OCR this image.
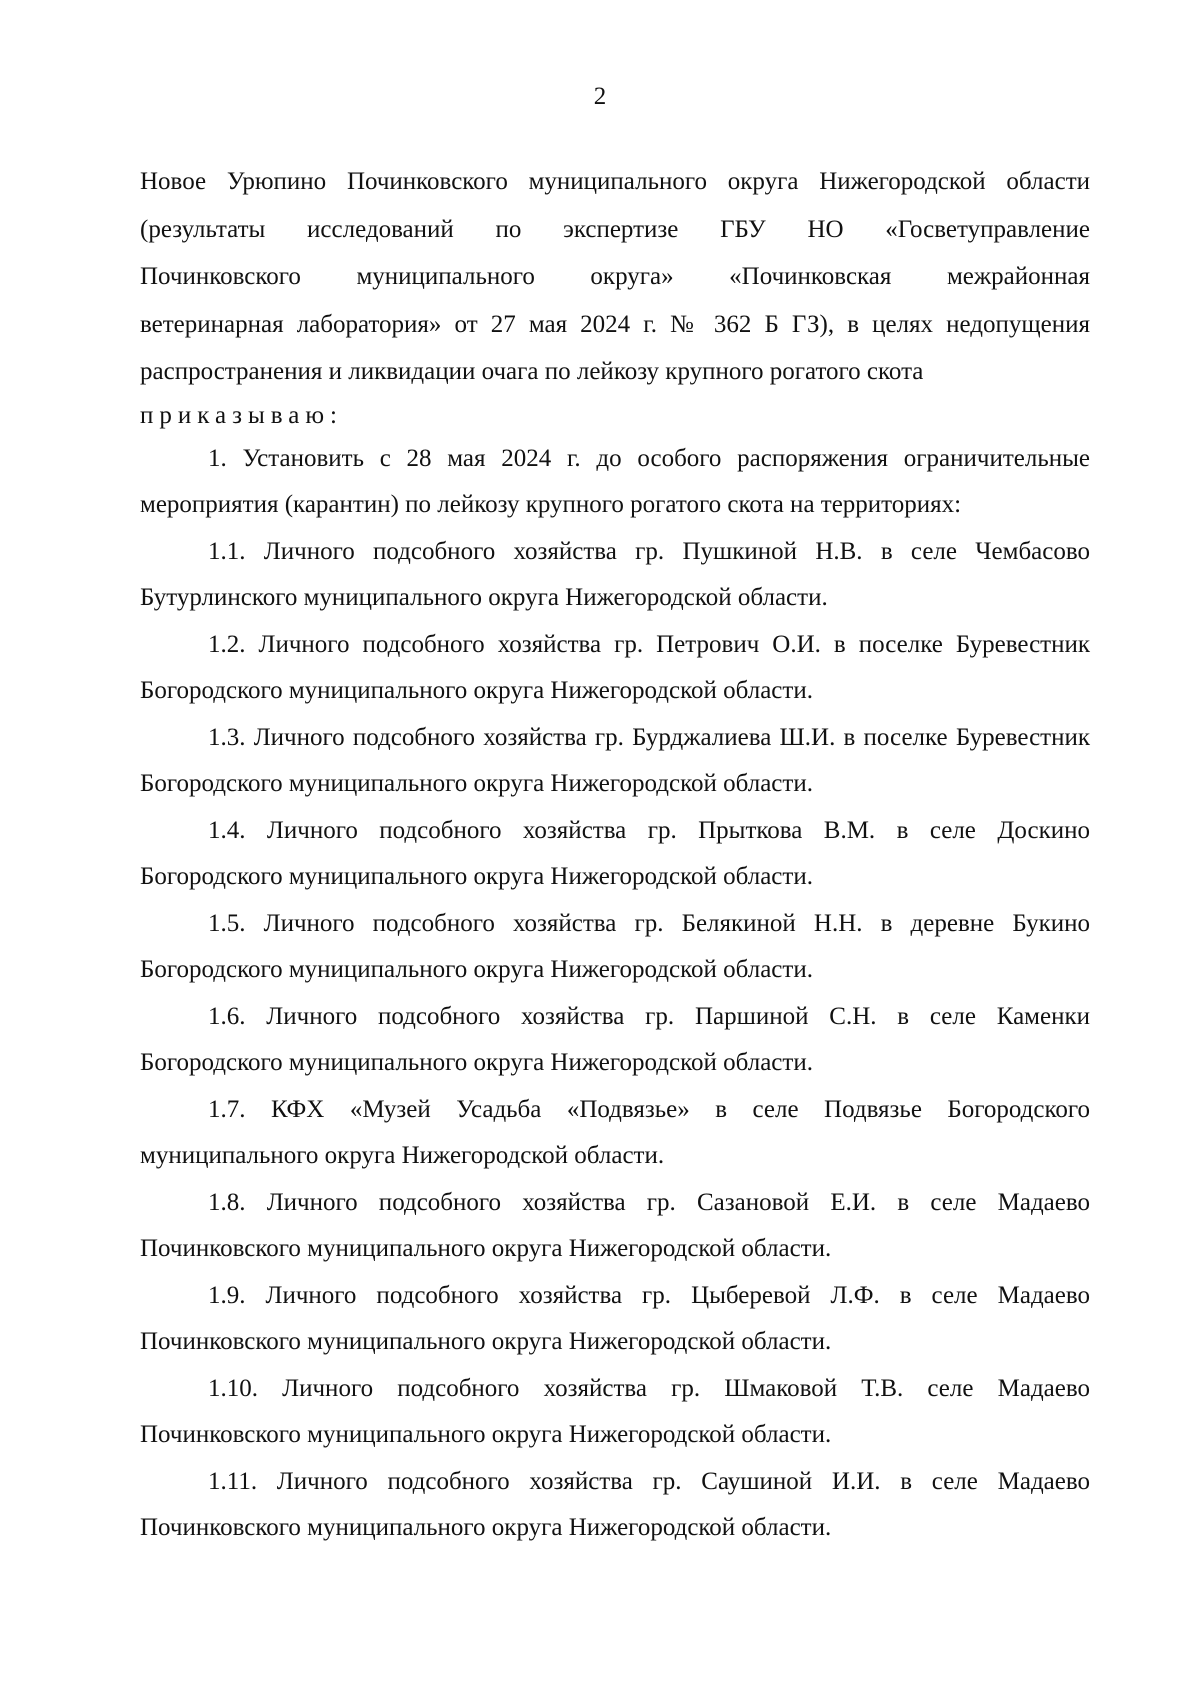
2

Новое Урюпино Починковского муниципального округа Нижегородской области
(результаты исследований по экспертизе ГБУ НО «Госветуправление
Починковского муниципального округа» «Починковская межрайонная
ветеринарная лаборатория» от 27 мая 2024 г. № 362 Б ГЗ), в целях недопущения
распространения и ликвидации очага по лейкозу крупного рогатого скота

приказываю:

1. Установить с 28 мая 2024 г. до особого распоряжения ограничительные мероприятия (карантин) по лейкозу крупного рогатого скота на территориях:

1.1. Личного подсобного хозяйства гр. Пушкиной Н.В. в селе Чембасово Бутурлинского муниципального округа Нижегородской области.

1.2. Личного подсобного хозяйства гр. Петрович О.И. в поселке Буревестник Богородского муниципального округа Нижегородской области.

1.3. Личного подсобного хозяйства гр. Бурджалиева Ш.И. в поселке Буревестник Богородского муниципального округа Нижегородской области.

1.4. Личного подсобного хозяйства гр. Прыткова В.М. в селе Доскино Богородского муниципального округа Нижегородской области.

1.5. Личного подсобного хозяйства гр. Белякиной Н.Н. в деревне Букино Богородского муниципального округа Нижегородской области.

1.6. Личного подсобного хозяйства гр. Паршиной С.Н. в селе Каменки Богородского муниципального округа Нижегородской области.

1.7. КФХ «Музей Усадьба «Подвязье» в селе Подвязье Богородского муниципального округа Нижегородской области.

1.8. Личного подсобного хозяйства гр. Сазановой Е.И. в селе Мадаево Починковского муниципального округа Нижегородской области.

1.9. Личного подсобного хозяйства гр. Цыберевой Л.Ф. в селе Мадаево Починковского муниципального округа Нижегородской области.

1.10. Личного подсобного хозяйства гр. Шмаковой Т.В. селе Мадаево Починковского муниципального округа Нижегородской области.

1.11. Личного подсобного хозяйства гр. Саушиной И.И. в селе Мадаево Починковского муниципального округа Нижегородской области.
